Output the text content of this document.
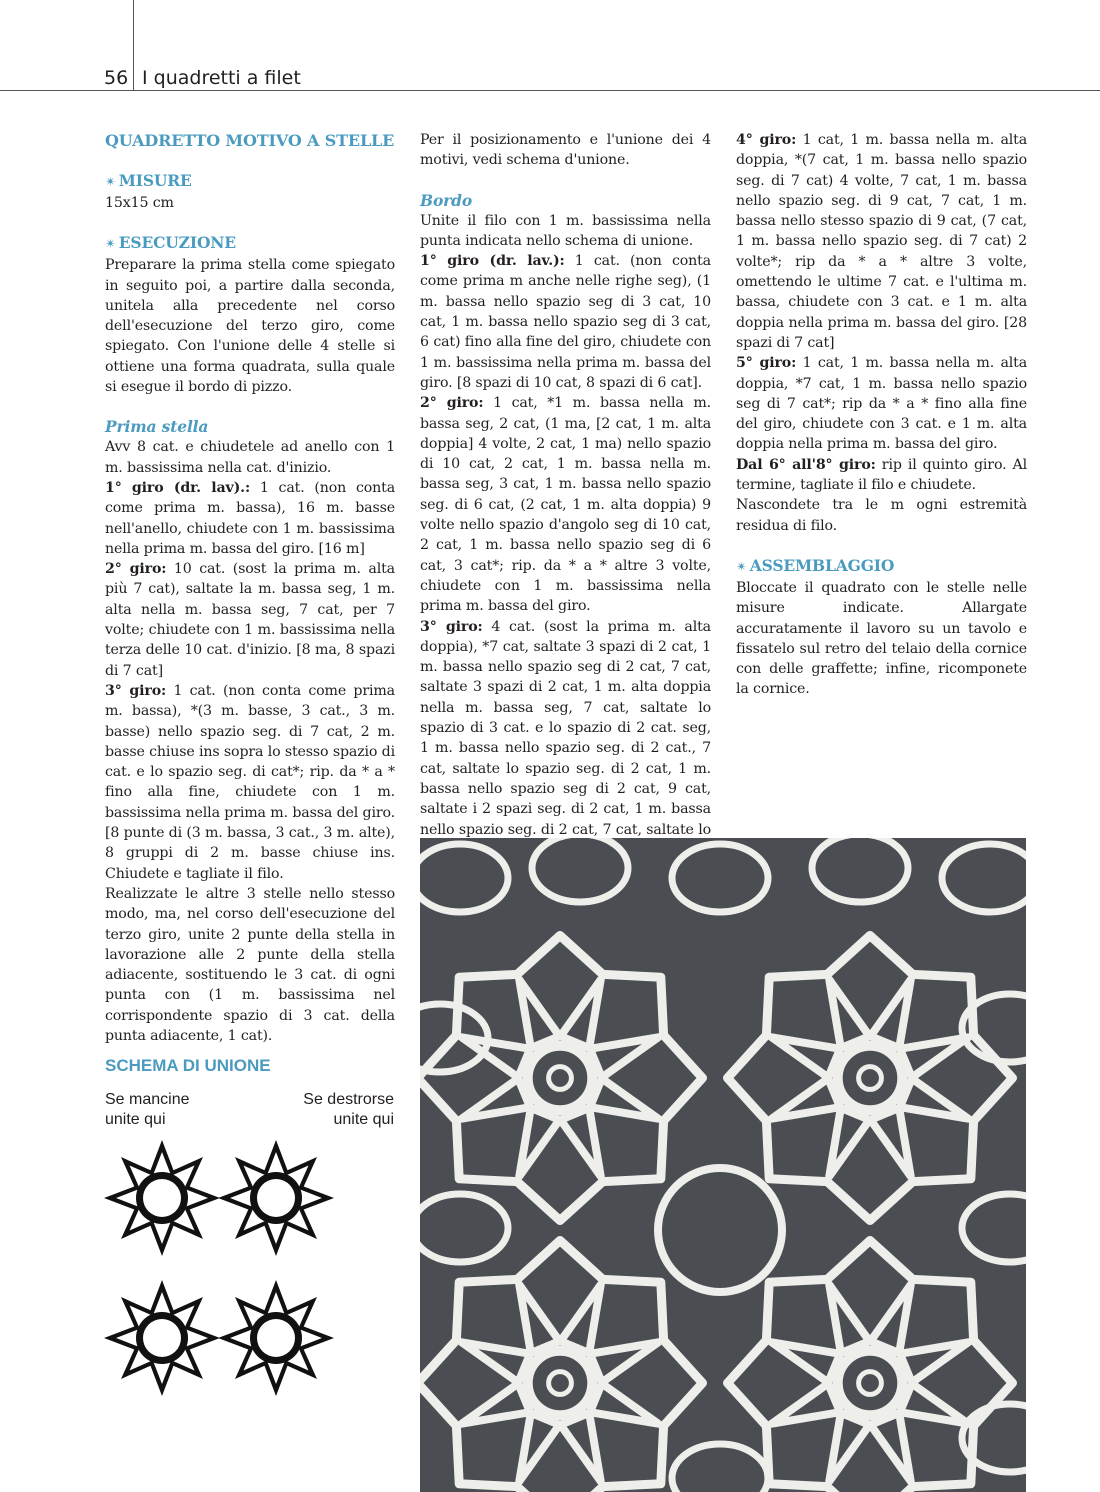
56 I quadretti a filet

QUADRETTO MOTIVO A STELLE

✴ MISURE

15x15 cm

✴ ESECUZIONE

Preparare la prima stella come spiegato in seguito poi, a partire dalla seconda, unitela alla precedente nel corso dell'esecuzione del terzo giro, come spiegato. Con l'unione delle 4 stelle si ottiene una forma quadrata, sulla quale si esegue il bordo di pizzo.

Prima stella

Avv 8 cat. e chiudetele ad anello con 1 m. bassissima nella cat. d'inizio.

1° giro (dr. lav).: 1 cat. (non conta come prima m. bassa), 16 m. basse nell'anello, chiudete con 1 m. bassissima nella prima m. bassa del giro. [16 m]

2° giro: 10 cat. (sost la prima m. alta più 7 cat), saltate la m. bassa seg, 1 m. alta nella m. bassa seg, 7 cat, per 7 volte; chiudete con 1 m. bassissima nella terza delle 10 cat. d'inizio. [8 ma, 8 spazi di 7 cat]

3° giro: 1 cat. (non conta come prima m. bassa), *(3 m. basse, 3 cat., 3 m. basse) nello spazio seg. di 7 cat, 2 m. basse chiuse ins sopra lo stesso spazio di cat. e lo spazio seg. di cat*; rip. da * a * fino alla fine, chiudete con 1 m. bassissima nella prima m. bassa del giro. [8 punte di (3 m. bassa, 3 cat., 3 m. alte), 8 gruppi di 2 m. basse chiuse ins. Chiudete e tagliate il filo.

Realizzate le altre 3 stelle nello stesso modo, ma, nel corso dell'esecuzione del terzo giro, unite 2 punte della stella in lavorazione alle 2 punte della stella adiacente, sostituendo le 3 cat. di ogni punta con (1 m. bassissima nel corrispondente spazio di 3 cat. della punta adiacente, 1 cat).

Per il posizionamento e l'unione dei 4 motivi, vedi schema d'unione.

Bordo

Unite il filo con 1 m. bassissima nella punta indicata nello schema di unione.

1° giro (dr. lav.): 1 cat. (non conta come prima m anche nelle righe seg), (1 m. bassa nello spazio seg di 3 cat, 10 cat, 1 m. bassa nello spazio seg di 3 cat, 6 cat) fino alla fine del giro, chiudete con 1 m. bassissima nella prima m. bassa del giro. [8 spazi di 10 cat, 8 spazi di 6 cat].

2° giro: 1 cat, *1 m. bassa nella m. bassa seg, 2 cat, (1 ma, [2 cat, 1 m. alta doppia] 4 volte, 2 cat, 1 ma) nello spazio di 10 cat, 2 cat, 1 m. bassa nella m. bassa seg, 3 cat, 1 m. bassa nello spazio seg. di 6 cat, (2 cat, 1 m. alta doppia) 9 volte nello spazio d'angolo seg di 10 cat, 2 cat, 1 m. bassa nello spazio seg di 6 cat, 3 cat*; rip. da * a * altre 3 volte, chiudete con 1 m. bassissima nella prima m. bassa del giro.

3° giro: 4 cat. (sost la prima m. alta doppia), *7 cat, saltate 3 spazi di 2 cat, 1 m. bassa nello spazio seg di 2 cat, 7 cat, saltate 3 spazi di 2 cat, 1 m. alta doppia nella m. bassa seg, 7 cat, saltate lo spazio di 3 cat. e lo spazio di 2 cat. seg, 1 m. bassa nello spazio seg. di 2 cat., 7 cat, saltate lo spazio seg. di 2 cat, 1 m. bassa nello spazio seg di 2 cat, 9 cat, saltate i 2 spazi seg. di 2 cat, 1 m. bassa nello spazio seg. di 2 cat, 7 cat, saltate lo

4° giro: 1 cat, 1 m. bassa nella m. alta doppia, *(7 cat, 1 m. bassa nello spazio seg. di 7 cat) 4 volte, 7 cat, 1 m. bassa nello spazio seg. di 9 cat, 7 cat, 1 m. bassa nello stesso spazio di 9 cat, (7 cat, 1 m. bassa nello spazio seg. di 7 cat) 2 volte*; rip da * a * altre 3 volte, omettendo le ultime 7 cat. e l'ultima m. bassa, chiudete con 3 cat. e 1 m. alta doppia nella prima m. bassa del giro. [28 spazi di 7 cat]

5° giro: 1 cat, 1 m. bassa nella m. alta doppia, *7 cat, 1 m. bassa nello spazio seg di 7 cat*; rip da * a * fino alla fine del giro, chiudete con 3 cat. e 1 m. alta doppia nella prima m. bassa del giro.

Dal 6° all'8° giro: rip il quinto giro. Al termine, tagliate il filo e chiudete.

Nascondete tra le m ogni estremità residua di filo.

✴ ASSEMBLAGGIO

Bloccate il quadrato con le stelle nelle misure indicate. Allargate accuratamente il lavoro su un tavolo e fissatelo sul retro del telaio della cornice con delle graffette; infine, ricomponete la cornice.

SCHEMA DI UNIONE
Se mancine
unite qui
Se destrorse
unite qui
